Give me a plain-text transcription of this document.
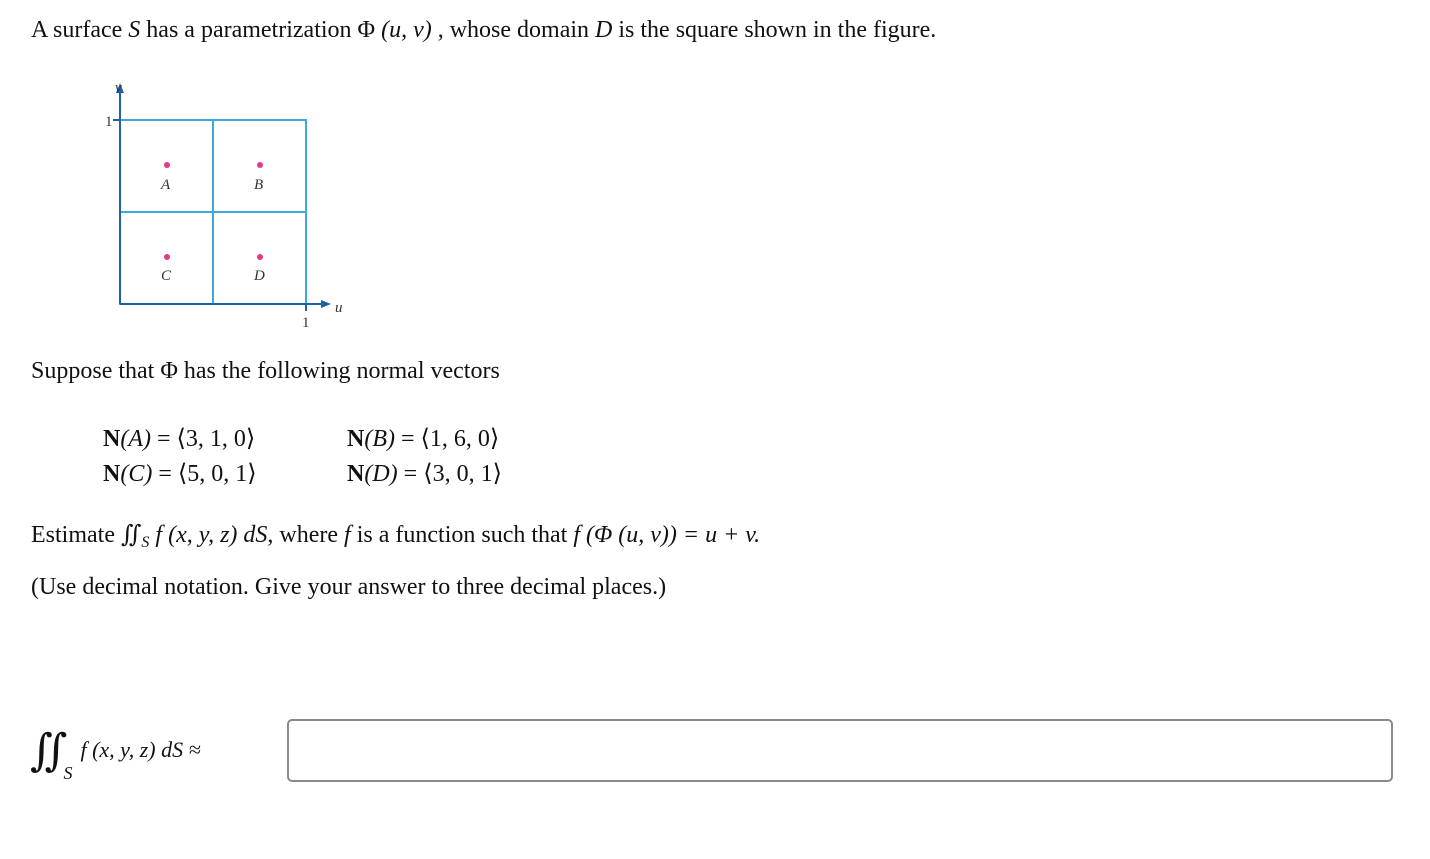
A surface S has a parametrization Φ (u, v) , whose domain D is the square shown in the figure.
v
1
u
1
A	B
C	D
Suppose that Φ has the following normal vectors
N(A) = ⟨3, 1, 0⟩	N(B) = ⟨1, 6, 0⟩
N(C) = ⟨5, 0, 1⟩	N(D) = ⟨3, 0, 1⟩
Estimate $∬_S$ f (x, y, z) dS, where f is a function such that f (Φ (u, v)) = u + v.
(Use decimal notation. Give your answer to three decimal places.)
∬ $_S$f (x, y, z) dS ≈
